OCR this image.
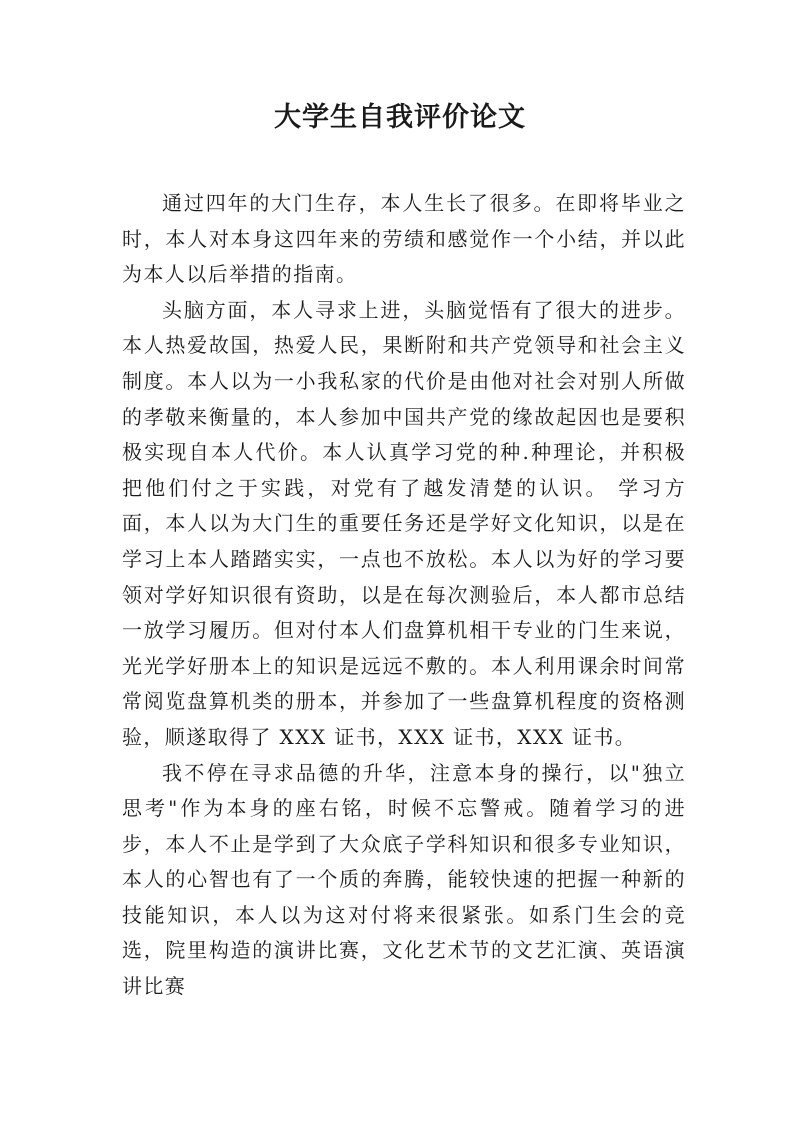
大学生自我评价论文

通过四年的大门生存，本人生长了很多。在即将毕业之时，本人对本身这四年来的劳绩和感觉作一个小结，并以此为本人以后举措的指南。

头脑方面，本人寻求上进，头脑觉悟有了很大的进步。本人热爱故国，热爱人民，果断附和共产党领导和社会主义制度。本人以为一小我私家的代价是由他对社会对别人所做的孝敬来衡量的，本人参加中国共产党的缘故起因也是要积极实现自本人代价。本人认真学习党的种.种理论，并积极把他们付之于实践，对党有了越发清楚的认识。 学习方面，本人以为大门生的重要任务还是学好文化知识，以是在学习上本人踏踏实实，一点也不放松。本人以为好的学习要领对学好知识很有资助，以是在每次测验后，本人都市总结一放学习履历。但对付本人们盘算机相干专业的门生来说，光光学好册本上的知识是远远不敷的。本人利用课余时间常常阅览盘算机类的册本，并参加了一些盘算机程度的资格测验，顺遂取得了 XXX 证书，XXX 证书，XXX 证书。

我不停在寻求品德的升华，注意本身的操行，以"独立思考"作为本身的座右铭，时候不忘警戒。随着学习的进步，本人不止是学到了大众底子学科知识和很多专业知识，本人的心智也有了一个质的奔腾，能较快速的把握一种新的技能知识，本人以为这对付将来很紧张。如系门生会的竞选，院里构造的演讲比赛，文化艺术节的文艺汇演、英语演讲比赛
